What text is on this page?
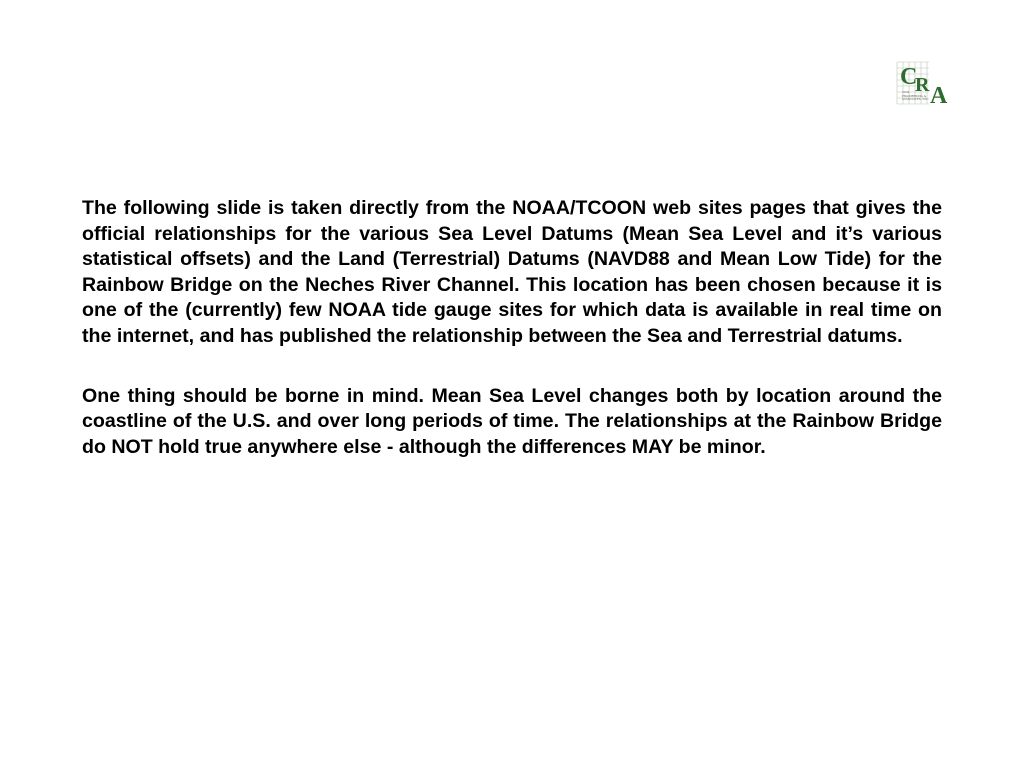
C
R A
CIVIL
ENGINEERING &
ASSOCIATES, INC.

The following slide is taken directly from the NOAA/TCOON web sites pages that gives the official relationships for the various Sea Level Datums (Mean Sea Level and it’s various statistical offsets) and the Land (Terrestrial) Datums (NAVD88 and Mean Low Tide) for the Rainbow Bridge on the Neches River Channel. This location has been chosen because it is one of the (currently) few NOAA tide gauge sites for which data is available in real time on the internet, and has published the relationship between the Sea and Terrestrial datums.

One thing should be borne in mind. Mean Sea Level changes both by location around the coastline of the U.S. and over long periods of time. The relationships at the Rainbow Bridge do NOT hold true anywhere else - although the differences MAY be minor.
